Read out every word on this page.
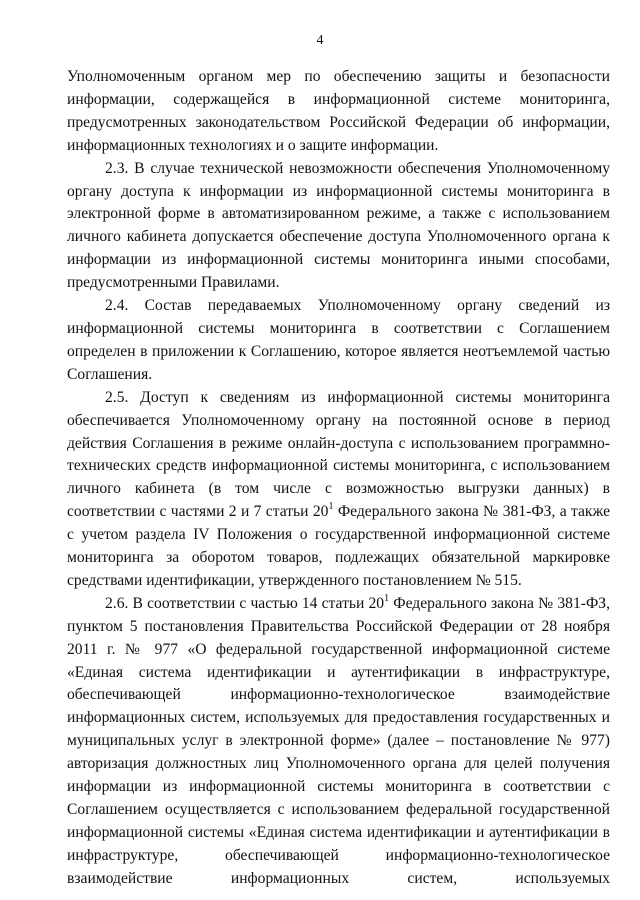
4

Уполномоченным органом мер по обеспечению защиты и безопасности информации, содержащейся в информационной системе мониторинга, предусмотренных законодательством Российской Федерации об информации, информационных технологиях и о защите информации.

2.3. В случае технической невозможности обеспечения Уполномоченному органу доступа к информации из информационной системы мониторинга в электронной форме в автоматизированном режиме, а также с использованием личного кабинета допускается обеспечение доступа Уполномоченного органа к информации из информационной системы мониторинга иными способами, предусмотренными Правилами.

2.4. Состав передаваемых Уполномоченному органу сведений из информационной системы мониторинга в соответствии с Соглашением определен в приложении к Соглашению, которое является неотъемлемой частью Соглашения.

2.5. Доступ к сведениям из информационной системы мониторинга обеспечивается Уполномоченному органу на постоянной основе в период действия Соглашения в режиме онлайн-доступа с использованием программно-технических средств информационной системы мониторинга, с использованием личного кабинета (в том числе с возможностью выгрузки данных) в соответствии с частями 2 и 7 статьи $20^1$ Федерального закона № 381-ФЗ, а также с учетом раздела IV Положения о государственной информационной системе мониторинга за оборотом товаров, подлежащих обязательной маркировке средствами идентификации, утвержденного постановлением № 515.

2.6. В соответствии с частью 14 статьи $20^1$ Федерального закона № 381-ФЗ, пунктом 5 постановления Правительства Российской Федерации от 28 ноября 2011 г. № 977 «О федеральной государственной информационной системе «Единая система идентификации и аутентификации в инфраструктуре, обеспечивающей информационно-технологическое взаимодействие информационных систем, используемых для предоставления государственных и муниципальных услуг в электронной форме» (далее – постановление № 977) авторизация должностных лиц Уполномоченного органа для целей получения информации из информационной системы мониторинга в соответствии с Соглашением осуществляется с использованием федеральной государственной информационной системы «Единая система идентификации и аутентификации в инфраструктуре, обеспечивающей информационно-технологическое взаимодействие информационных систем, используемых
